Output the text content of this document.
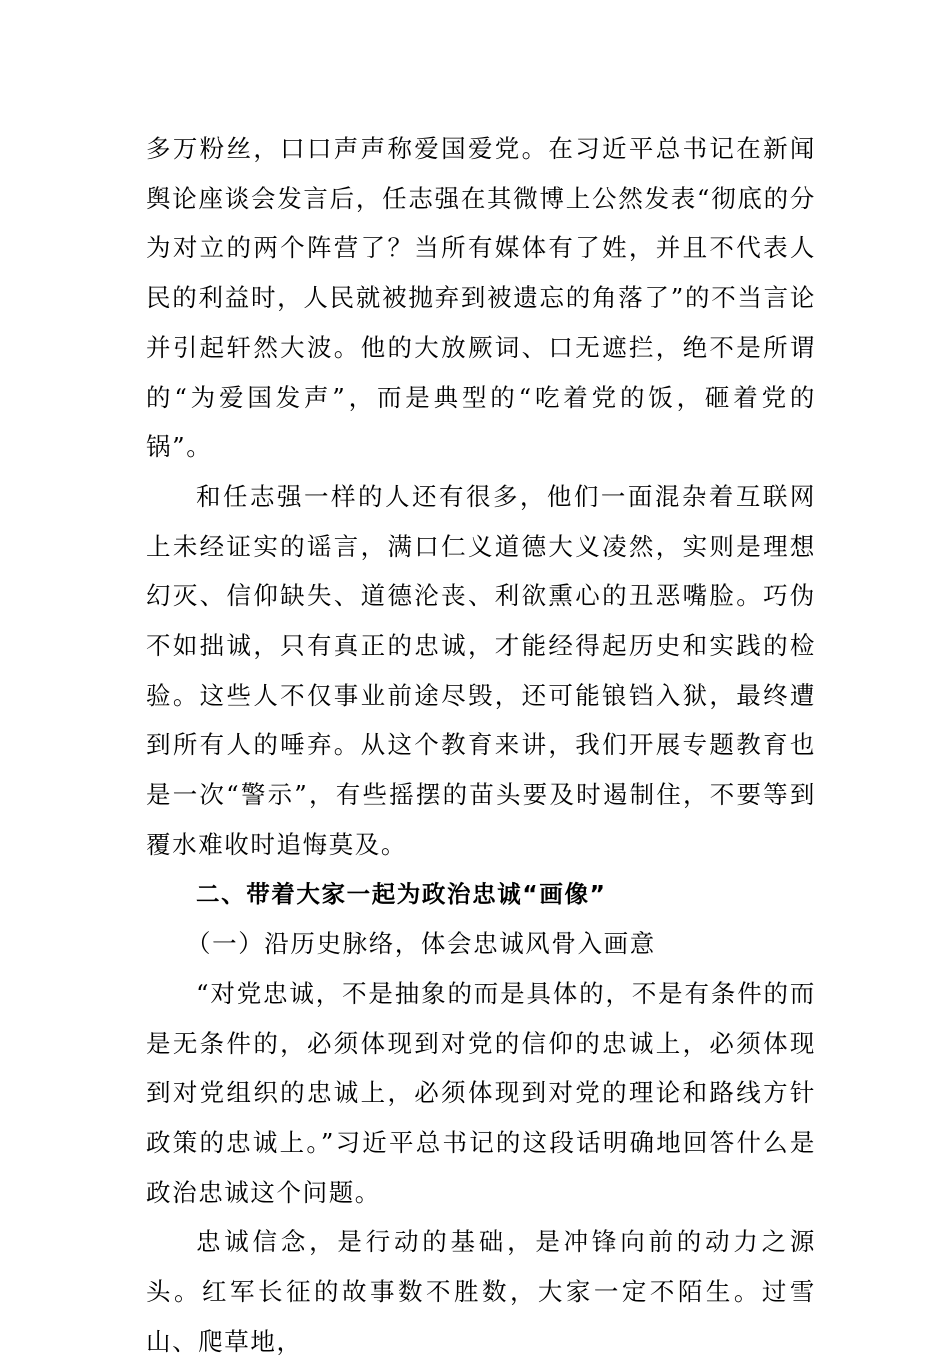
多万粉丝，口口声声称爱国爱党。在习近平总书记在新闻舆论座谈会发言后，任志强在其微博上公然发表“彻底的分为对立的两个阵营了？当所有媒体有了姓，并且不代表人民的利益时，人民就被抛弃到被遗忘的角落了”的不当言论并引起轩然大波。他的大放厥词、口无遮拦，绝不是所谓的“为爱国发声”，而是典型的“吃着党的饭，砸着党的锅”。

和任志强一样的人还有很多，他们一面混杂着互联网上未经证实的谣言，满口仁义道德大义凌然，实则是理想幻灭、信仰缺失、道德沦丧、利欲熏心的丑恶嘴脸。巧伪不如拙诚，只有真正的忠诚，才能经得起历史和实践的检验。这些人不仅事业前途尽毁，还可能锒铛入狱，最终遭到所有人的唾弃。从这个教育来讲，我们开展专题教育也是一次“警示”，有些摇摆的苗头要及时遏制住，不要等到覆水难收时追悔莫及。

二、带着大家一起为政治忠诚“画像”

（一）沿历史脉络，体会忠诚风骨入画意

“对党忠诚，不是抽象的而是具体的，不是有条件的而是无条件的，必须体现到对党的信仰的忠诚上，必须体现到对党组织的忠诚上，必须体现到对党的理论和路线方针政策的忠诚上。”习近平总书记的这段话明确地回答什么是政治忠诚这个问题。

忠诚信念，是行动的基础，是冲锋向前的动力之源头。红军长征的故事数不胜数，大家一定不陌生。过雪山、爬草地，
